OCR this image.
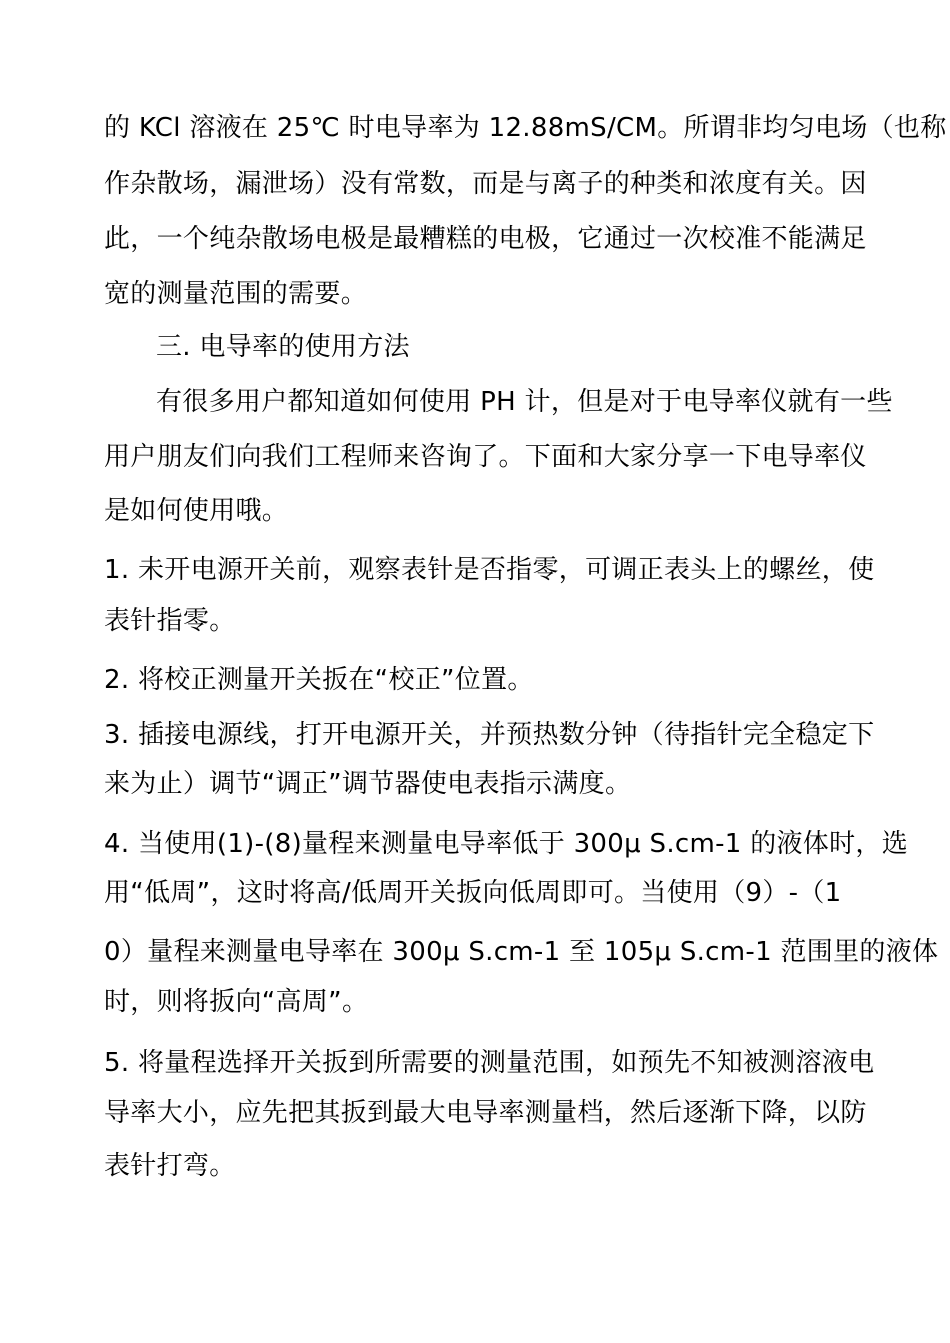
的 KCl 溶液在 25℃ 时电导率为 12.88mS/CM。所谓非均匀电场（也称
作杂散场，漏泄场）没有常数，而是与离子的种类和浓度有关。因
此，一个纯杂散场电极是最糟糕的电极，它通过一次校准不能满足
宽的测量范围的需要。
三. 电导率的使用方法
有很多用户都知道如何使用 PH 计，但是对于电导率仪就有一些
用户朋友们向我们工程师来咨询了。下面和大家分享一下电导率仪
是如何使用哦。
1. 未开电源开关前，观察表针是否指零，可调正表头上的螺丝，使
表针指零。
2. 将校正测量开关扳在“校正”位置。
3. 插接电源线，打开电源开关，并预热数分钟（待指针完全稳定下
来为止）调节“调正”调节器使电表指示满度。
4. 当使用(1)-(8)量程来测量电导率低于 300μ S.cm-1 的液体时，选
用“低周”，这时将高/低周开关扳向低周即可。当使用（9）-（1
0）量程来测量电导率在 300μ S.cm-1 至 105μ S.cm-1 范围里的液体
时，则将扳向“高周”。
5. 将量程选择开关扳到所需要的测量范围，如预先不知被测溶液电
导率大小，应先把其扳到最大电导率测量档，然后逐渐下降，以防
表针打弯。
